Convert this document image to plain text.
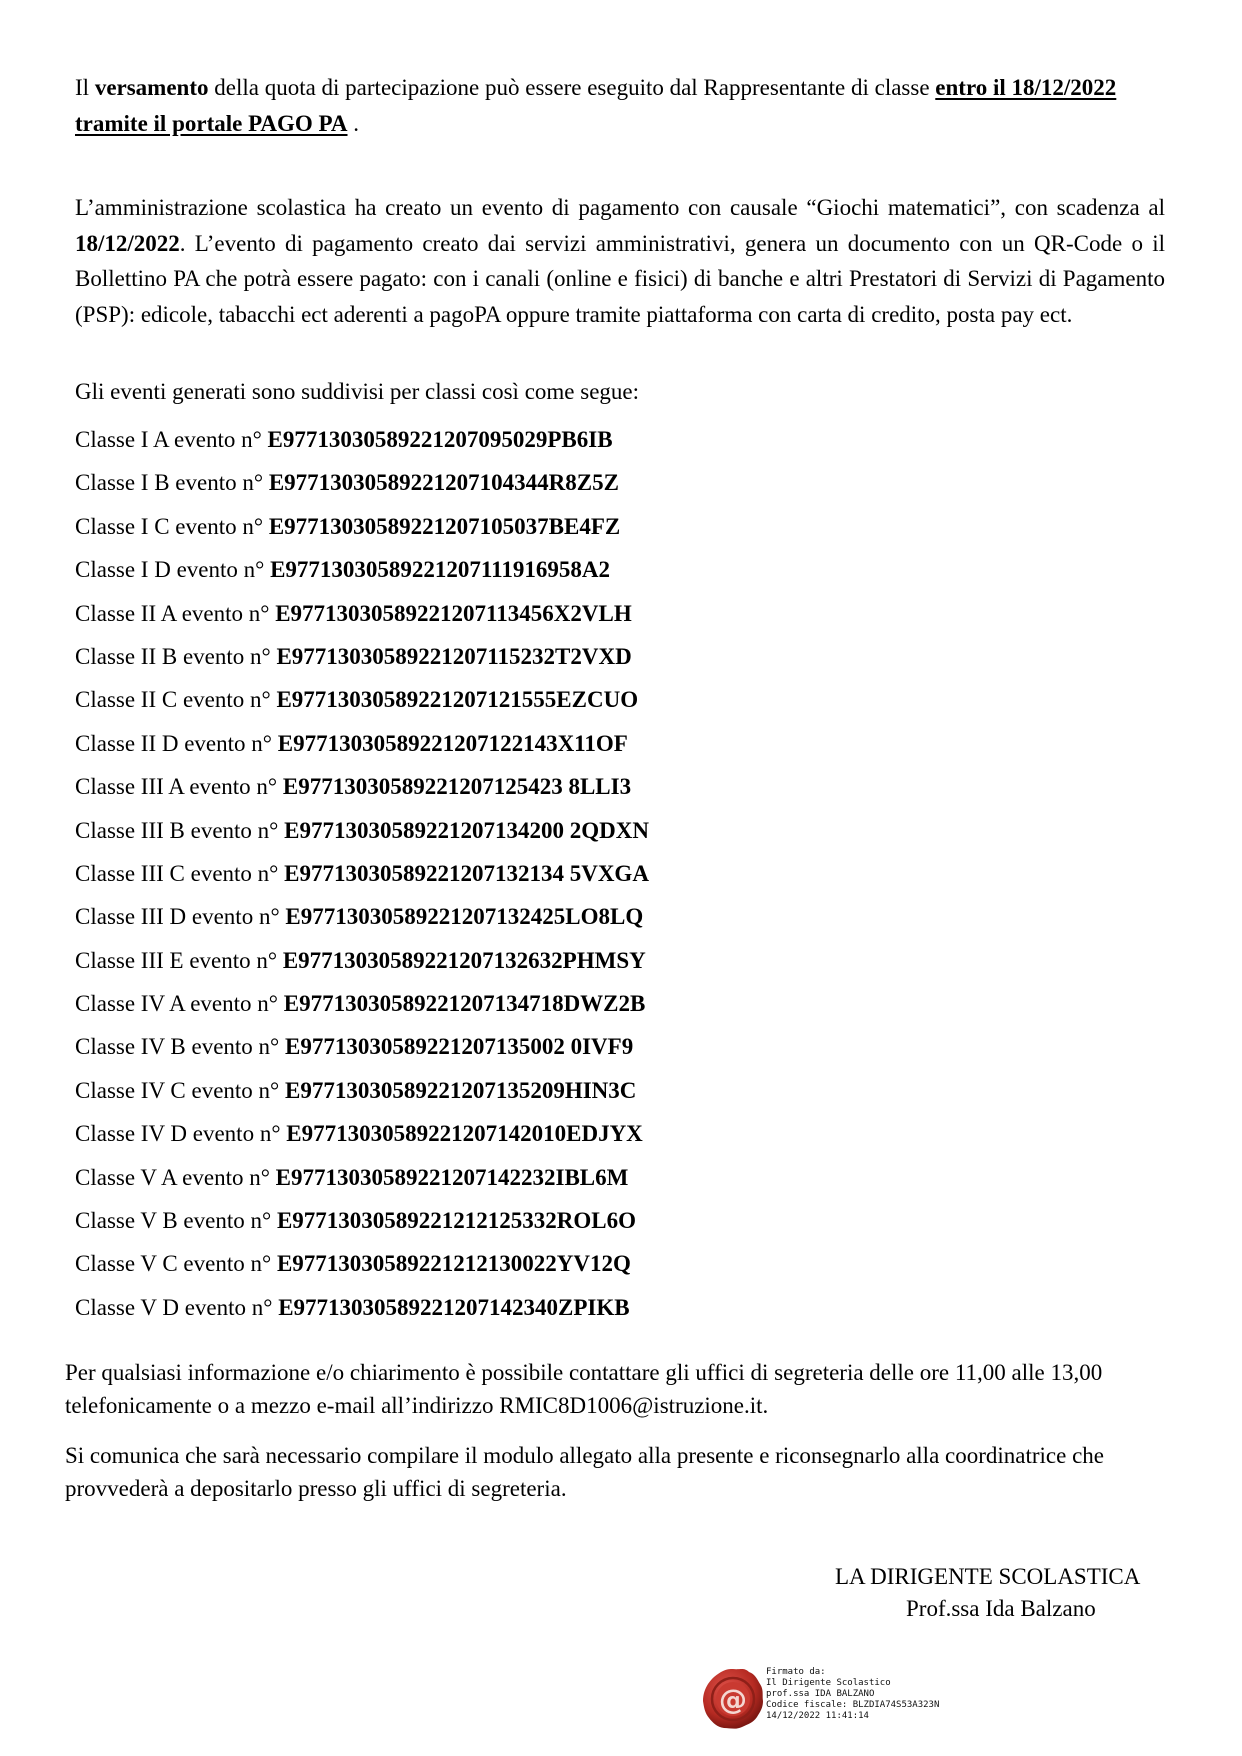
Il versamento della quota di partecipazione può essere eseguito dal Rappresentante di classe entro il 18/12/2022 tramite il portale PAGO PA .

L’amministrazione scolastica ha creato un evento di pagamento con causale “Giochi matematici”, con scadenza al 18/12/2022. L’evento di pagamento creato dai servizi amministrativi, genera un documento con un QR-Code o il Bollettino PA che potrà essere pagato: con i canali (online e fisici) di banche e altri Prestatori di Servizi di Pagamento (PSP): edicole, tabacchi ect aderenti a pagoPA oppure tramite piattaforma con carta di credito, posta pay ect.

Gli eventi generati sono suddivisi per classi così come segue:

Classe I A evento n° E97713030589221207095029PB6IB
Classe I B evento n° E97713030589221207104344R8Z5Z
Classe I C evento n° E97713030589221207105037BE4FZ
Classe I D evento n° E97713030589221207111916958A2
Classe II A evento n° E97713030589221207113456X2VLH
Classe II B evento n° E97713030589221207115232T2VXD
Classe II C evento n° E97713030589221207121555EZCUO
Classe II D evento n° E97713030589221207122143X11OF
Classe III A evento n° E97713030589221207125423 8LLI3
Classe III B evento n° E97713030589221207134200 2QDXN
Classe III C evento n° E97713030589221207132134 5VXGA
Classe III D evento n° E97713030589221207132425LO8LQ
Classe III E evento n° E97713030589221207132632PHMSY
Classe IV A evento n° E97713030589221207134718DWZ2B
Classe IV B evento n° E97713030589221207135002 0IVF9
Classe IV C evento n° E97713030589221207135209HIN3C
Classe IV D evento n° E97713030589221207142010EDJYX
Classe V A evento n° E97713030589221207142232IBL6M
Classe V B evento n° E97713030589221212125332ROL6O
Classe V C evento n° E97713030589221212130022YV12Q
Classe V D evento n° E97713030589221207142340ZPIKB

Per qualsiasi informazione e/o chiarimento è possibile contattare gli uffici di segreteria delle ore 11,00 alle 13,00 telefonicamente o a mezzo e-mail all’indirizzo RMIC8D1006@istruzione.it.

Si comunica che sarà necessario compilare il modulo allegato alla presente e riconsegnarlo alla coordinatrice che provvederà a depositarlo presso gli uffici di segreteria.

LA DIRIGENTE SCOLASTICA
Prof.ssa Ida Balzano
@
Firmato da:
Il Dirigente Scolastico
prof.ssa IDA BALZANO
Codice fiscale: BLZDIA74S53A323N
14/12/2022 11:41:14
